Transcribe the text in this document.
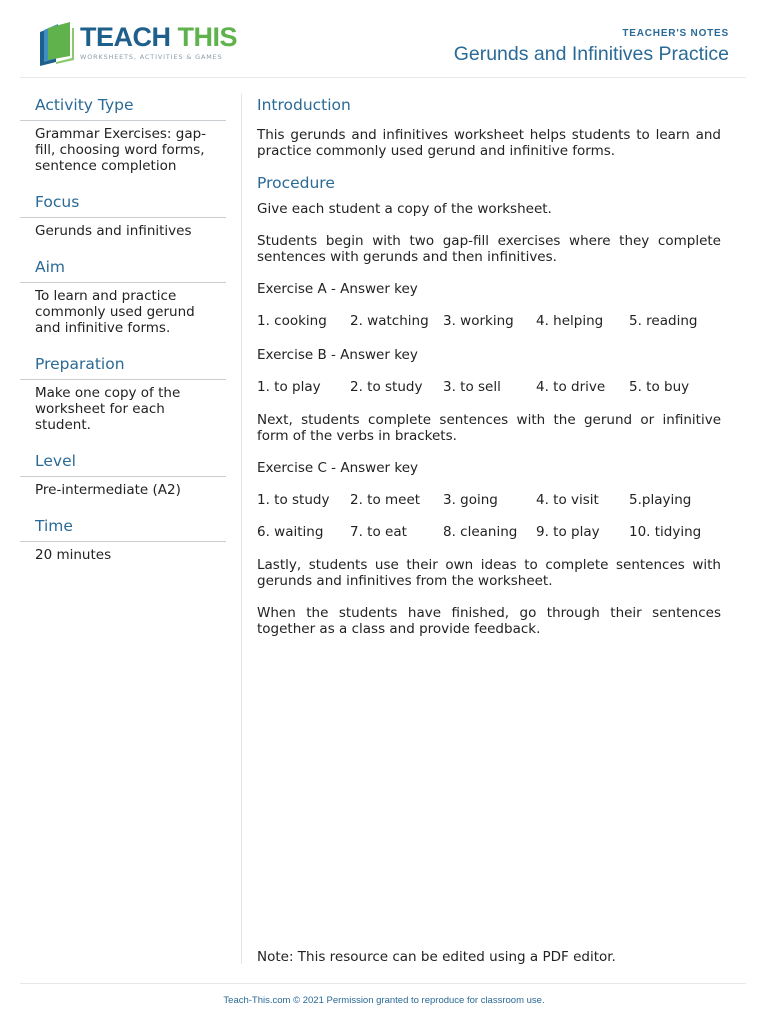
TEACH THIS
WORKSHEETS, ACTIVITIES & GAMES
TEACHER'S NOTES
Gerunds and Infinitives Practice
Activity Type
Grammar Exercises: gap-fill, choosing word forms, sentence completion
Focus
Gerunds and infinitives
Aim
To learn and practice commonly used gerund and infinitive forms.
Preparation
Make one copy of the worksheet for each student.
Level
Pre-intermediate (A2)
Time
20 minutes
Introduction

This gerunds and infinitives worksheet helps students to learn and practice commonly used gerund and infinitive forms.

Procedure

Give each student a copy of the worksheet.

Students begin with two gap-fill exercises where they complete sentences with gerunds and then infinitives.

Exercise A - Answer key

1. cooking	2. watching	3. working	4. helping	5. reading

Exercise B - Answer key

1. to play	2. to study	3. to sell	4. to drive	5. to buy

Next, students complete sentences with the gerund or infinitive form of the verbs in brackets.

Exercise C - Answer key

1. to study	2. to meet	3. going	4. to visit	5.playing
6. waiting	7. to eat	8. cleaning	9. to play	10. tidying

Lastly, students use their own ideas to complete sentences with gerunds and infinitives from the worksheet.

When the students have finished, go through their sentences together as a class and provide feedback.

Note: This resource can be edited using a PDF editor.
Teach-This.com © 2021 Permission granted to reproduce for classroom use.
